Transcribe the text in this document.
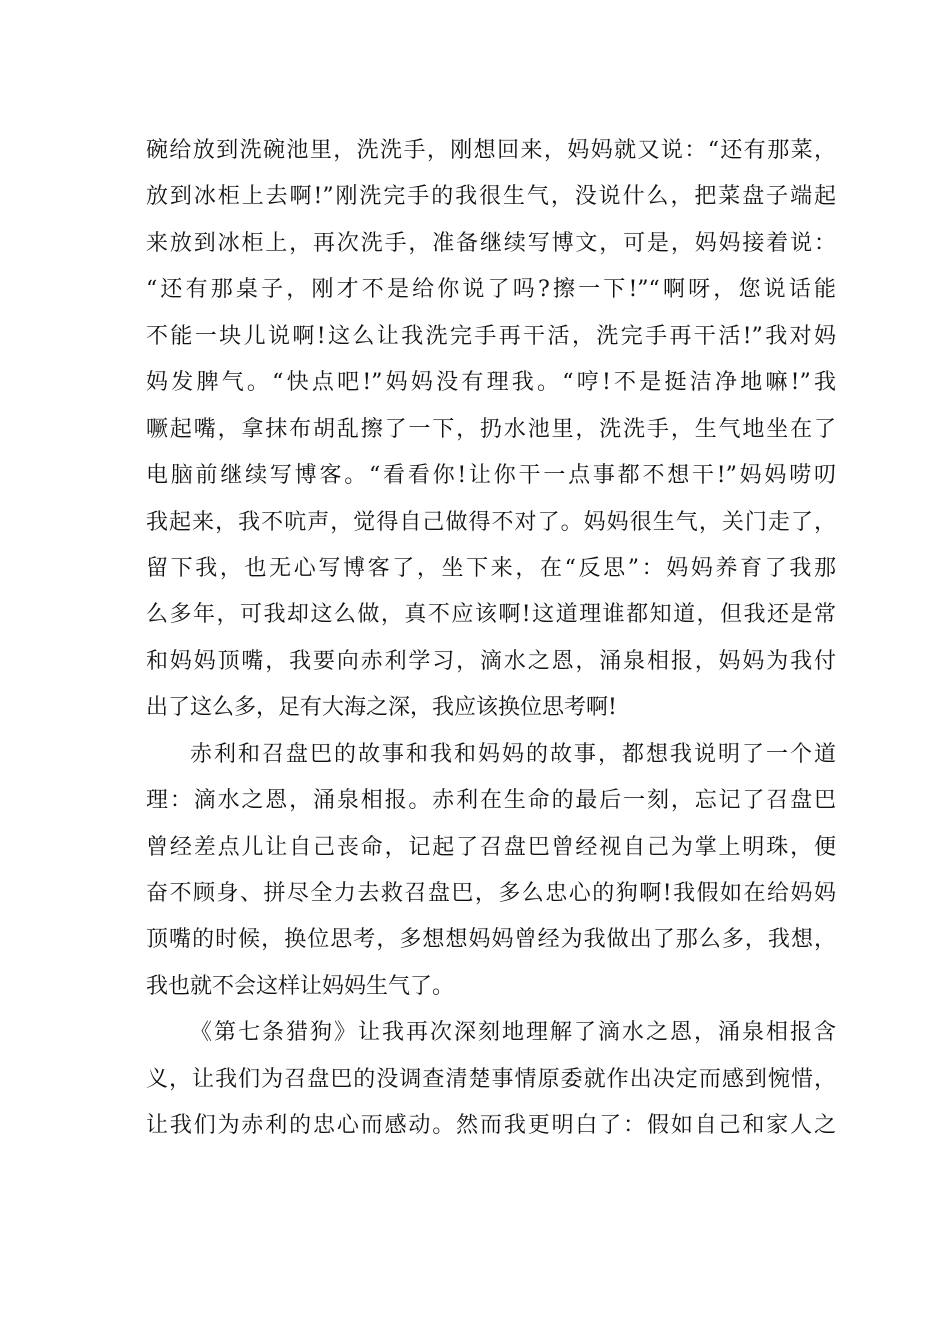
碗给放到洗碗池里，洗洗手，刚想回来，妈妈就又说：“还有那菜，
放到冰柜上去啊!”刚洗完手的我很生气，没说什么，把菜盘子端起
来放到冰柜上，再次洗手，准备继续写博文，可是，妈妈接着说：
“还有那桌子，刚才不是给你说了吗?擦一下!”“啊呀，您说话能
不能一块儿说啊!这么让我洗完手再干活，洗完手再干活!”我对妈
妈发脾气。“快点吧!”妈妈没有理我。“哼!不是挺洁净地嘛!”我
噘起嘴，拿抹布胡乱擦了一下，扔水池里，洗洗手，生气地坐在了
电脑前继续写博客。“看看你!让你干一点事都不想干!”妈妈唠叨
我起来，我不吭声，觉得自己做得不对了。妈妈很生气，关门走了，
留下我，也无心写博客了，坐下来，在“反思”：妈妈养育了我那
么多年，可我却这么做，真不应该啊!这道理谁都知道，但我还是常
和妈妈顶嘴，我要向赤利学习，滴水之恩，涌泉相报，妈妈为我付
出了这么多，足有大海之深，我应该换位思考啊!
赤利和召盘巴的故事和我和妈妈的故事，都想我说明了一个道
理：滴水之恩，涌泉相报。赤利在生命的最后一刻，忘记了召盘巴
曾经差点儿让自己丧命，记起了召盘巴曾经视自己为掌上明珠，便
奋不顾身、拼尽全力去救召盘巴，多么忠心的狗啊!我假如在给妈妈
顶嘴的时候，换位思考，多想想妈妈曾经为我做出了那么多，我想，
我也就不会这样让妈妈生气了。
《第七条猎狗》让我再次深刻地理解了滴水之恩，涌泉相报含
义，让我们为召盘巴的没调查清楚事情原委就作出决定而感到惋惜，
让我们为赤利的忠心而感动。然而我更明白了：假如自己和家人之
